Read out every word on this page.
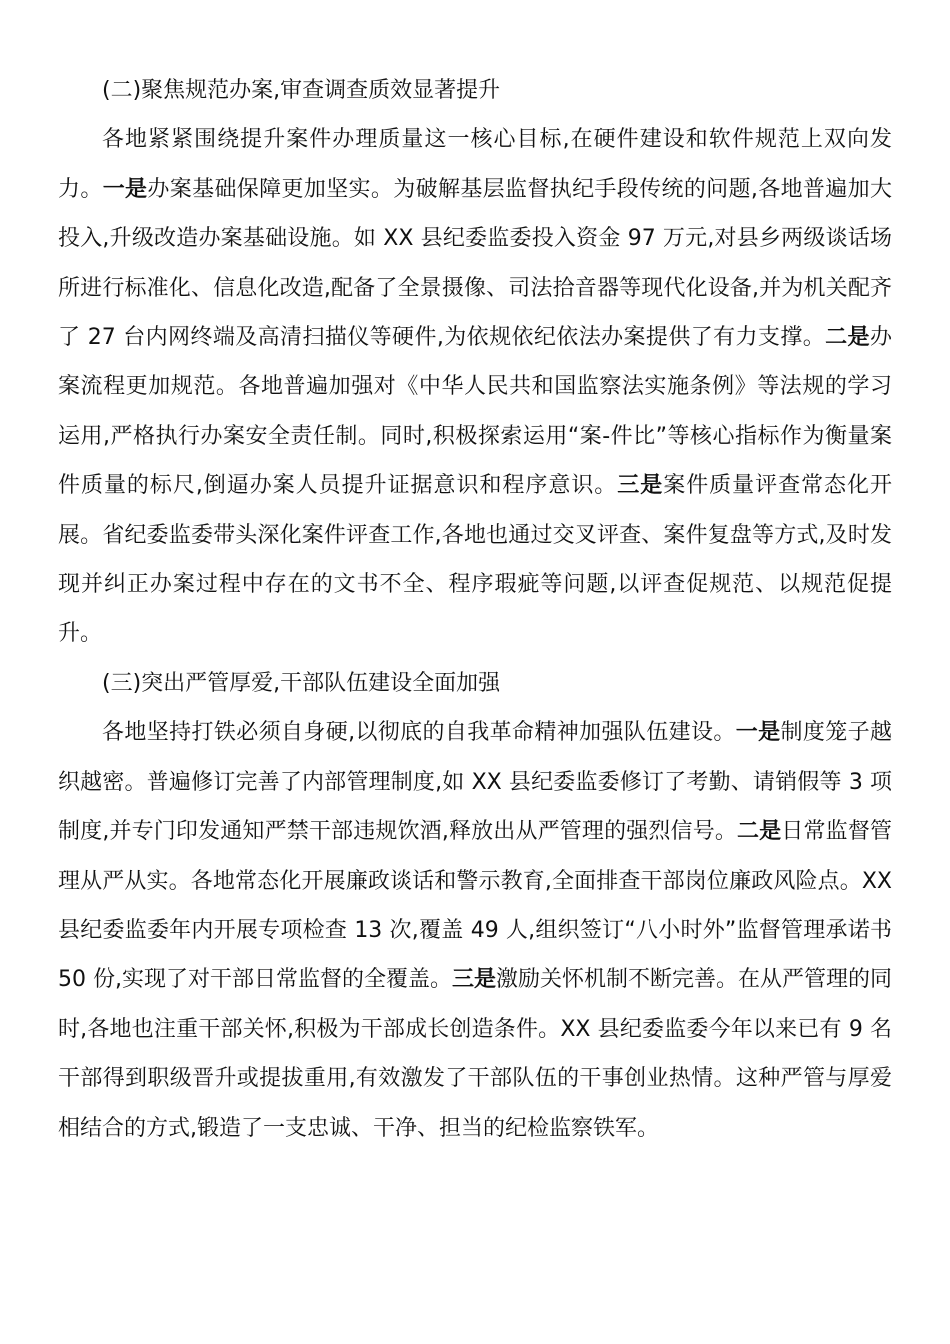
(二)聚焦规范办案,审查调查质效显著提升

各地紧紧围绕提升案件办理质量这一核心目标,在硬件建设和软件规范上双向发力。一是办案基础保障更加坚实。为破解基层监督执纪手段传统的问题,各地普遍加大投入,升级改造办案基础设施。如 XX 县纪委监委投入资金 97 万元,对县乡两级谈话场所进行标准化、信息化改造,配备了全景摄像、司法拾音器等现代化设备,并为机关配齐了 27 台内网终端及高清扫描仪等硬件,为依规依纪依法办案提供了有力支撑。二是办案流程更加规范。各地普遍加强对《中华人民共和国监察法实施条例》等法规的学习运用,严格执行办案安全责任制。同时,积极探索运用“案-件比”等核心指标作为衡量案件质量的标尺,倒逼办案人员提升证据意识和程序意识。三是案件质量评查常态化开展。省纪委监委带头深化案件评查工作,各地也通过交叉评查、案件复盘等方式,及时发现并纠正办案过程中存在的文书不全、程序瑕疵等问题,以评查促规范、以规范促提升。

(三)突出严管厚爱,干部队伍建设全面加强

各地坚持打铁必须自身硬,以彻底的自我革命精神加强队伍建设。一是制度笼子越织越密。普遍修订完善了内部管理制度,如 XX 县纪委监委修订了考勤、请销假等 3 项制度,并专门印发通知严禁干部违规饮酒,释放出从严管理的强烈信号。二是日常监督管理从严从实。各地常态化开展廉政谈话和警示教育,全面排查干部岗位廉政风险点。XX 县纪委监委年内开展专项检查 13 次,覆盖 49 人,组织签订“八小时外”监督管理承诺书 50 份,实现了对干部日常监督的全覆盖。三是激励关怀机制不断完善。在从严管理的同时,各地也注重干部关怀,积极为干部成长创造条件。XX 县纪委监委今年以来已有 9 名干部得到职级晋升或提拔重用,有效激发了干部队伍的干事创业热情。这种严管与厚爱相结合的方式,锻造了一支忠诚、干净、担当的纪检监察铁军。
